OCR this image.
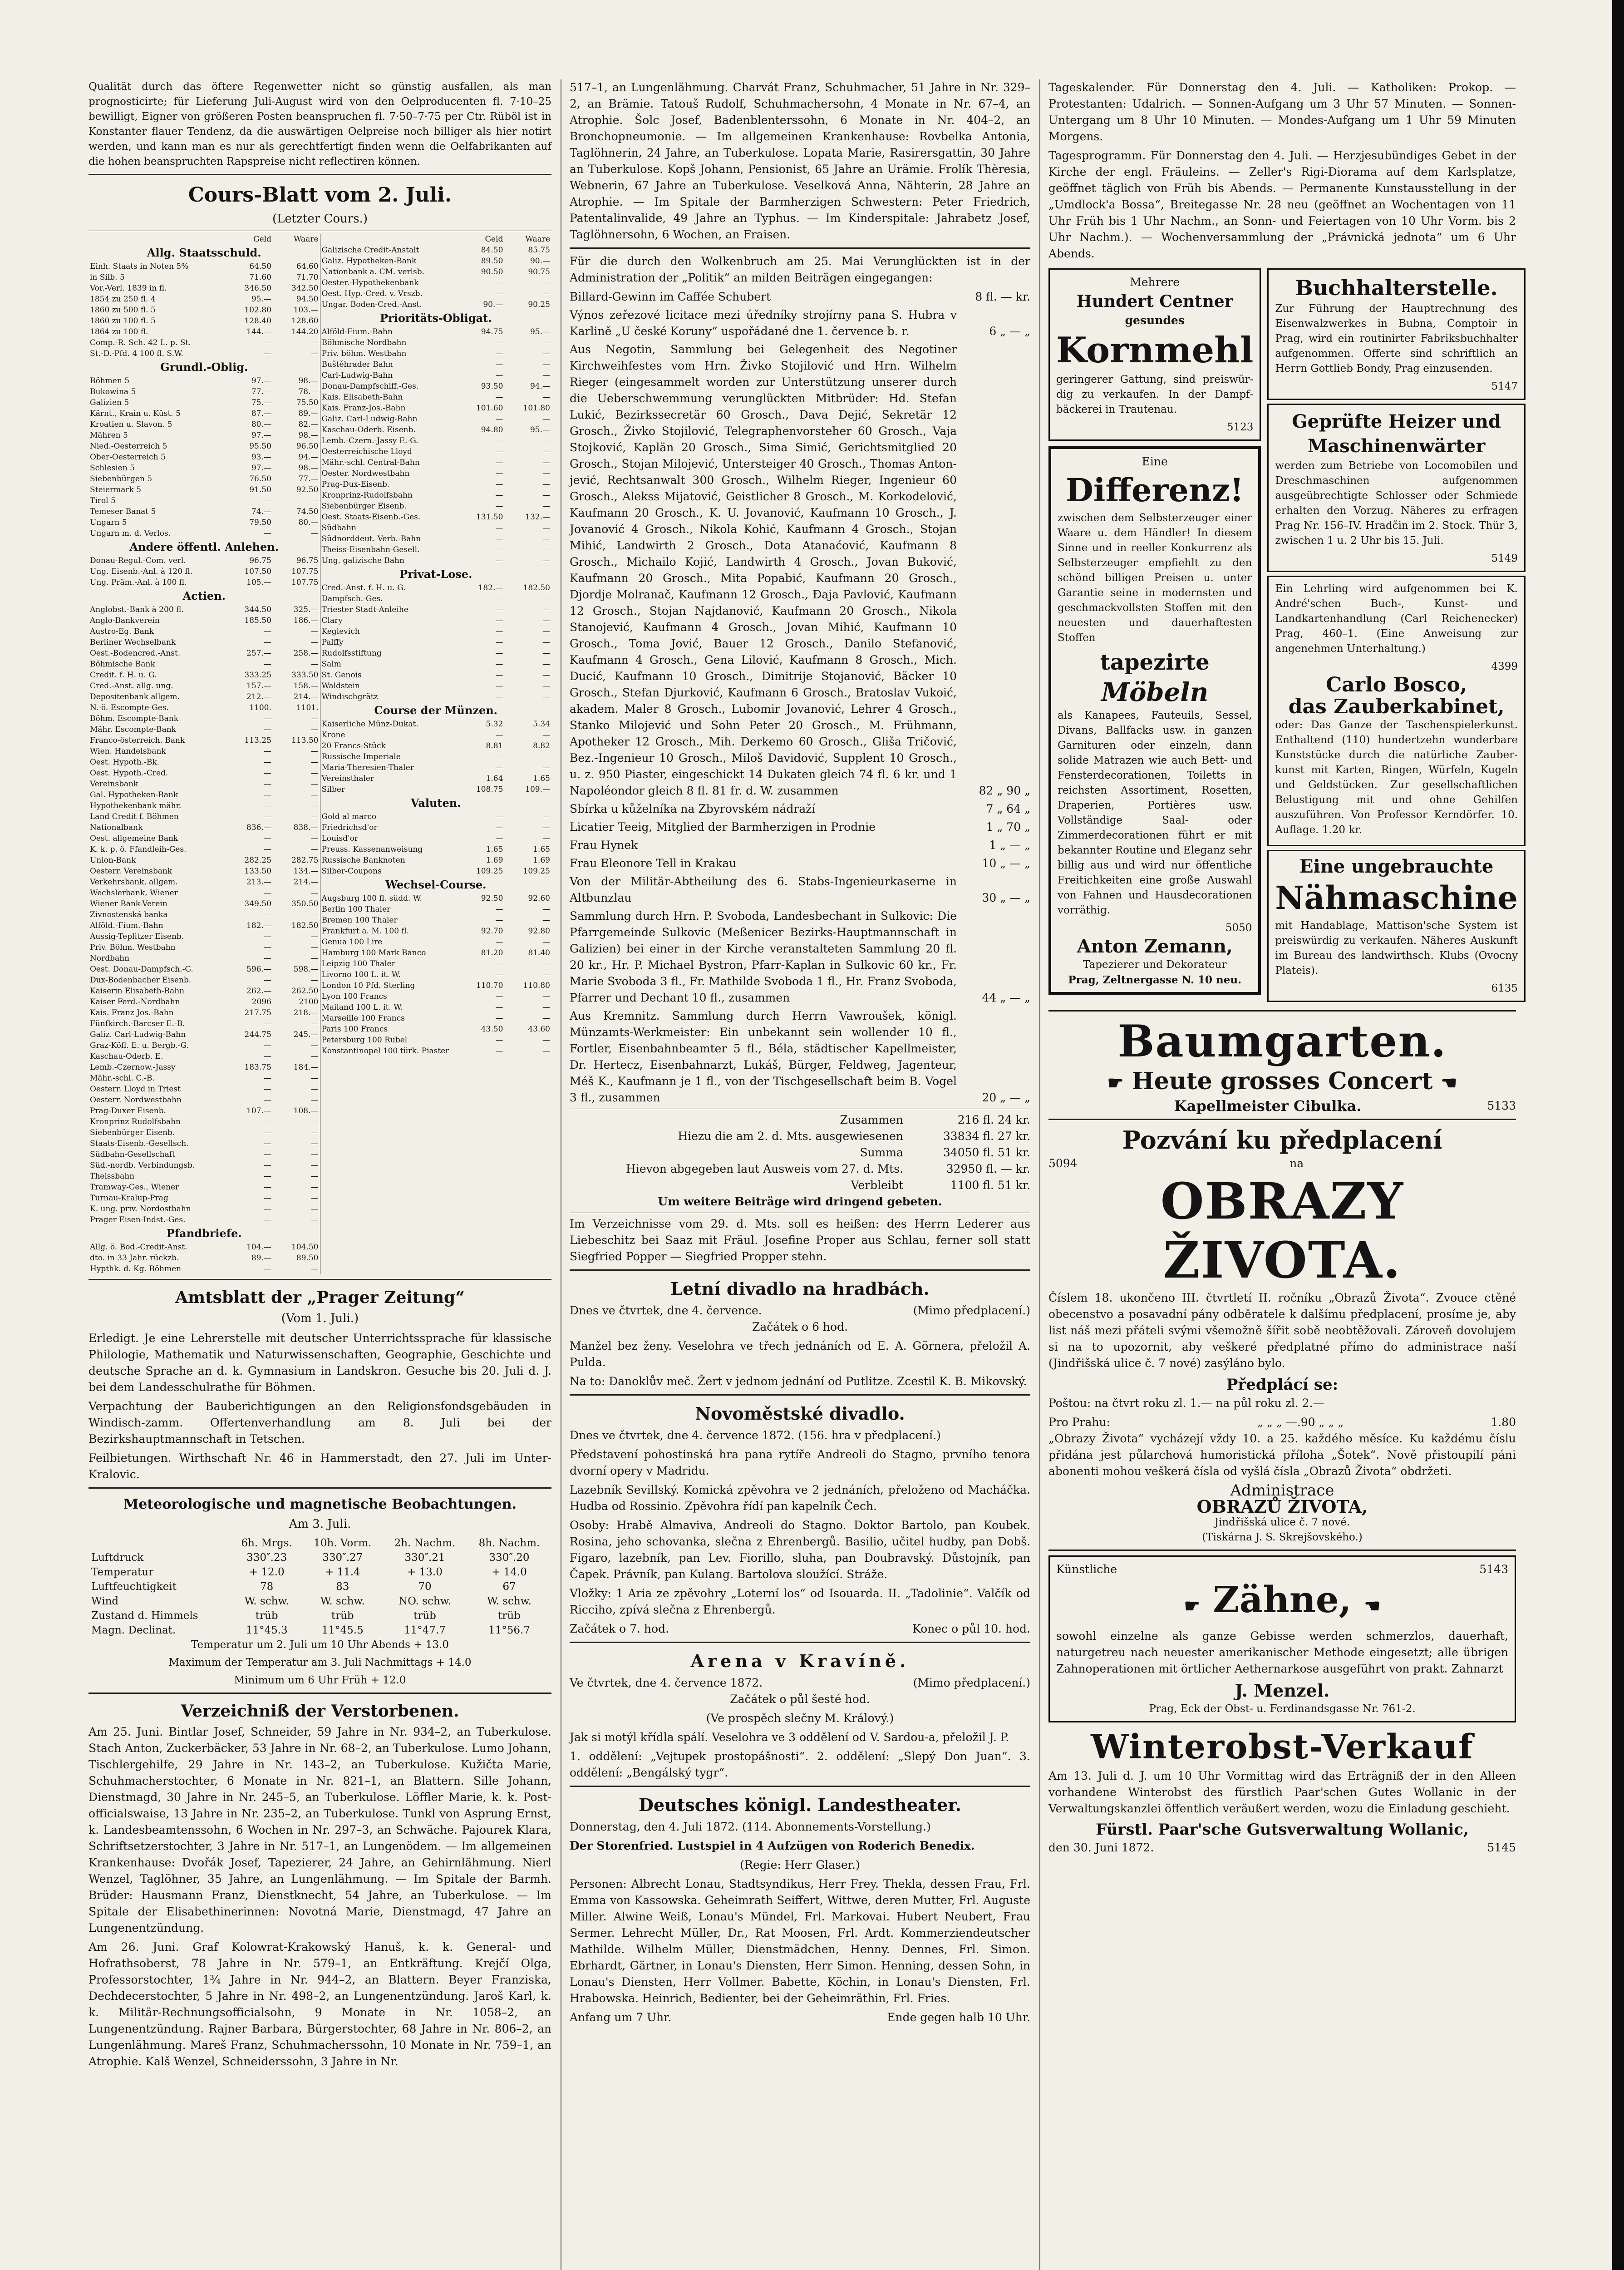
Qualität durch das öftere Regenwetter nicht so günstig ausfallen, als man prognosticirte; für Lieferung Juli-August wird von den Oelproducenten fl. 7·10–25 bewilligt, Eigner von größeren Posten beanspruchen fl. 7·50–7·75 per Ctr. Rüböl ist in Konstanter flauer Tendenz, da die auswärtigen Oelpreise noch billiger als hier notirt werden, und kann man es nur als gerechtfertigt finden wenn die Oelfabrikanten auf die hohen beanspruchten Rapspreise nicht reflectiren können.

Cours-Blatt vom 2. Juli.
(Letzter Cours.)
	Geld	Waare
Allg. Staatsschuld.		
Einh. Staats in Noten 5%	64.50	64.60
in Silb. 5	71.60	71.70
Vor.-Verl. 1839 in fl.	346.50	342.50
1854 zu 250 fl. 4	95.—	94.50
1860 zu 500 fl. 5	102.80	103.—
1860 zu 100 fl. 5	128.40	128.60
1864 zu 100 fl.	144.—	144.20
Comp.-R. Sch. 42 L. p. St.	—	—
St.-D.-Pfd. 4 100 fl. S.W.	—	—
Grundl.-Oblig.		
Böhmen 5	97.—	98.—
Bukowina 5	77.—	78.—
Galizien 5	75.—	75.50
Kärnt., Krain u. Küst. 5	87.—	89.—
Kroatien u. Slavon. 5	80.—	82.—
Mähren 5	97.—	98.—
Nied.-Oesterreich 5	95.50	96.50
Ober-Oesterreich 5	93.—	94.—
Schlesien 5	97.—	98.—
Siebenbürgen 5	76.50	77.—
Steiermark 5	91.50	92.50
Tirol 5	—	—
Temeser Banat 5	74.—	74.50
Ungarn 5	79.50	80.—
Ungarn m. d. Verlos.	—	—
Andere öffentl. Anlehen.		
Donau-Regul.-Com. verl.	96.75	96.75
Ung. Eisenb.-Anl. à 120 fl.	107.50	107.75
Ung. Präm.-Anl. à 100 fl.	105.—	107.75
Actien.		
Anglobst.-Bank à 200 fl.	344.50	325.—
Anglo-Bankverein	185.50	186.—
Austro-Eg. Bank	—	—
Berliner Wechselbank	—	—
Oest.-Bodencred.-Anst.	257.—	258.—
Böhmische Bank	—	—
Credit. f. H. u. G.	333.25	333.50
Cred.-Anst. allg. ung.	157.—	158.—
Depositenbank allgem.	212.—	214.—
N.-ö. Escompte-Ges.	1100.	1101.
Böhm. Escompte-Bank	—	—
Mähr. Escompte-Bank	—	—
Franco-österreich. Bank	113.25	113.50
Wien. Handelsbank	—	—
Oest. Hypoth.-Bk.	—	—
Oest. Hypoth.-Cred.	—	—
Vereinsbank	—	—
Gal. Hypotheken-Bank	—	—
Hypothekenbank mähr.	—	—
Land Credit f. Böhmen	—	—
Nationalbank	836.—	838.—
Oest. allgemeine Bank	—	—
K. k. p. ö. Ffandleih-Ges.	—	—
Union-Bank	282.25	282.75
Oesterr. Vereinsbank	133.50	134.—
Verkehrsbank, allgem.	213.—	214.—
Wechslerbank, Wiener	—	—
Wiener Bank-Verein	349.50	350.50
Zivnostenská banka	—	—
Alföld.-Fium.-Bahn	182.—	182.50
Aussig-Teplitzer Eisenb.	—	—
Priv. Böhm. Westbahn	—	—
Nordbahn	—	—
Oest. Donau-Dampfsch.-G.	596.—	598.—
Dux-Bodenbacher Eisenb.	—	—
Kaiserin Elisabeth-Bahn	262.—	262.50
Kaiser Ferd.-Nordbahn	2096	2100
Kais. Franz Jos.-Bahn	217.75	218.—
Fünfkirch.-Barcser E.-B.	—	—
Galiz. Carl-Ludwig-Bahn	244.75	245.—
Graz-Köfl. E. u. Bergb.-G.	—	—
Kaschau-Oderb. E.	—	—
Lemb.-Czernow.-Jassy	183.75	184.—
Mähr.-schl. C.-B.	—	—
Oesterr. Lloyd in Triest	—	—
Oesterr. Nordwestbahn	—	—
Prag-Duxer Eisenb.	107.—	108.—
Kronprinz Rudolfsbahn	—	—
Siebenbürger Eisenb.	—	—
Staats-Eisenb.-Gesellsch.	—	—
Südbahn-Gesellschaft	—	—
Süd.-nordb. Verbindungsb.	—	—
Theissbahn	—	—
Tramway-Ges., Wiener	—	—
Turnau-Kralup-Prag	—	—
K. ung. priv. Nordostbahn	—	—
Prager Eisen-Indst.-Ges.	—	—
Pfandbriefe.		
Allg. ö. Bod.-Credit-Anst.	104.—	104.50
dto. in 33 Jahr. rückzb.	89.—	89.50
Hypthk. d. Kg. Böhmen	—	—
	Geld	Waare
Galizische Credit-Anstalt	84.50	85.75
Galiz. Hypotheken-Bank	89.50	90.—
Nationbank a. CM. verlsb.	90.50	90.75
Oester.-Hypothekenbank	—	—
Oest. Hyp.-Cred. v. Vrszb.	—	—
Ungar. Boden-Cred.-Anst.	90.—	90.25
Prioritäts-Obligat.		
Alföld-Fium.-Bahn	94.75	95.—
Böhmische Nordbahn	—	—
Priv. böhm. Westbahn	—	—
Buštěhrader Bahn	—	—
Carl-Ludwig-Bahn	—	—
Donau-Dampfschiff.-Ges.	93.50	94.—
Kais. Elisabeth-Bahn	—	—
Kais. Franz-Jos.-Bahn	101.60	101.80
Galiz. Carl-Ludwig-Bahn	—	—
Kaschau-Oderb. Eisenb.	94.80	95.—
Lemb.-Czern.-Jassy E.-G.	—	—
Oesterreichische Lloyd	—	—
Mähr.-schl. Central-Bahn	—	—
Oester. Nordwestbahn	—	—
Prag-Dux-Eisenb.	—	—
Kronprinz-Rudolfsbahn	—	—
Siebenbürger Eisenb.	—	—
Oest. Staats-Eisenb.-Ges.	131.50	132.—
Südbahn	—	—
Südnorddeut. Verb.-Bahn	—	—
Theiss-Eisenbahn-Gesell.	—	—
Ung. galizische Bahn	—	—
Privat-Lose.		
Cred.-Anst. f. H. u. G.	182.—	182.50
Dampfsch.-Ges.	—	—
Triester Stadt-Anleihe	—	—
Clary	—	—
Keglevich	—	—
Palffy	—	—
Rudolfsstiftung	—	—
Salm	—	—
St. Genois	—	—
Waldstein	—	—
Windischgrätz	—	—
Course der Münzen.		
Kaiserliche Münz-Dukat.	5.32	5.34
Krone	—	—
20 Francs-Stück	8.81	8.82
Russische Imperiale	—	—
Maria-Theresien-Thaler	—	—
Vereinsthaler	1.64	1.65
Silber	108.75	109.—
Valuten.		
Gold al marco	—	—
Friedrichsd'or	—	—
Louisd'or	—	—
Preuss. Kassenanweisung	1.65	1.65
Russische Banknoten	1.69	1.69
Silber-Coupons	109.25	109.25
Wechsel-Course.		
Augsburg 100 fl. südd. W.	92.50	92.60
Berlin 100 Thaler	—	—
Bremen 100 Thaler	—	—
Frankfurt a. M. 100 fl.	92.70	92.80
Genua 100 Lire	—	—
Hamburg 100 Mark Banco	81.20	81.40
Leipzig 100 Thaler	—	—
Livorno 100 L. it. W.	—	—
London 10 Pfd. Sterling	110.70	110.80
Lyon 100 Francs	—	—
Mailand 100 L. it. W.	—	—
Marseille 100 Francs	—	—
Paris 100 Francs	43.50	43.60
Petersburg 100 Rubel	—	—
Konstantinopel 100 türk. Piaster	—	—
Amtsblatt der „Prager Zeitung“
(Vom 1. Juli.)

Erledigt. Je eine Lehrerstelle mit deutscher Unterrichtssprache für klassische Philologie, Mathematik und Naturwissenschaften, Geographie, Geschichte und deutsche Sprache an d. k. Gymnasium in Landskron. Gesuche bis 20. Juli d. J. bei dem Landesschulrathe für Böhmen.

Verpachtung der Bauberichtigungen an den Religionsfondsgebäuden in Windisch-zamm. Offertenverhandlung am 8. Juli bei der Bezirkshauptmannschaft in Tetschen.

Feilbietungen. Wirthschaft Nr. 46 in Hammerstadt, den 27. Juli im Unter-Kralovic.

Meteorologische und magnetische Beobachtungen.
Am 3. Juli.
	6h. Mrgs.	10h. Vorm.	2h. Nachm.	8h. Nachm.
Luftdruck	330″.23	330″.27	330″.21	330″.20
Temperatur	+ 12.0	+ 11.4	+ 13.0	+ 14.0
Luftfeuchtigkeit	78	83	70	67
Wind	W. schw.	W. schw.	NO. schw.	W. schw.
Zustand d. Himmels	trüb	trüb	trüb	trüb
Magn. Declinat.	11°45.3	11°45.5	11°47.7	11°56.7

Temperatur um 2. Juli um 10 Uhr Abends + 13.0

Maximum der Temperatur am 3. Juli Nachmittags + 14.0

Minimum um 6 Uhr Früh + 12.0

Verzeichniß der Verstorbenen.

Am 25. Juni. Bintlar Josef, Schneider, 59 Jahre in Nr. 934–2, an Tuberkulose. Stach Anton, Zuckerbäcker, 53 Jahre in Nr. 68–2, an Tuberkulose. Lumo Johann, Tischlergehilfe, 29 Jahre in Nr. 143–2, an Tuberkulose. Kužičta Marie, Schuhmacherstochter, 6 Monate in Nr. 821–1, an Blattern. Sille Johann, Dienstmagd, 30 Jahre in Nr. 245–5, an Tuberkulose. Löffler Marie, k. k. Postofficialswaise, 13 Jahre in Nr. 235–2, an Tuberkulose. Tunkl von Asprung Ernst, k. Landesbeamtenssohn, 6 Wochen in Nr. 297–3, an Schwäche. Pajourek Klara, Schriftsetzerstochter, 3 Jahre in Nr. 517–1, an Lungenödem. — Im allgemeinen Krankenhause: Dvořák Josef, Tapezierer, 24 Jahre, an Gehirnlähmung. Nierl Wenzel, Taglöhner, 35 Jahre, an Lungenlähmung. — Im Spitale der Barmh. Brüder: Hausmann Franz, Dienstknecht, 54 Jahre, an Tuberkulose. — Im Spitale der Elisabethinerinnen: Novotná Marie, Dienstmagd, 47 Jahre an Lungenentzündung.

Am 26. Juni. Graf Kolowrat-Krakowský Hanuš, k. k. General- und Hofrathsoberst, 78 Jahre in Nr. 579–1, an Entkräftung. Krejčí Olga, Professorstochter, 1¾ Jahre in Nr. 944–2, an Blattern. Beyer Franziska, Dechdecerstochter, 5 Jahre in Nr. 498–2, an Lungenentzündung. Jaroš Karl, k. k. Militär-Rechnungsofficialsohn, 9 Monate in Nr. 1058–2, an Lungenentzündung. Rajner Barbara, Bürgerstochter, 68 Jahre in Nr. 806–2, an Lungenlähmung. Mareš Franz, Schuhmacherssohn, 10 Monate in Nr. 759–1, an Atrophie. Kalš Wenzel, Schneiderssohn, 3 Jahre in Nr.

517–1, an Lungenlähmung. Charvát Franz, Schuhmacher, 51 Jahre in Nr. 329–2, an Brämie. Tatouš Rudolf, Schuhmachersohn, 4 Monate in Nr. 67–4, an Atrophie. Šolc Josef, Badenblenterssohn, 6 Monate in Nr. 404–2, an Bronchopneumonie. — Im allgemeinen Krankenhause: Rovbelka Antonia, Taglöhnerin, 24 Jahre, an Tuberkulose. Lopata Marie, Rasirersgattin, 30 Jahre an Tuberkulose. Kopš Johann, Pensionist, 65 Jahre an Urämie. Frolík Thèresia, Webnerin, 67 Jahre an Tuberkulose. Veselková Anna, Nähterin, 28 Jahre an Atrophie. — Im Spitale der Barmherzigen Schwestern: Peter Friedrich, Patentalinvalide, 49 Jahre an Typhus. — Im Kinderspitale: Jahrabetz Josef, Taglöhnersohn, 6 Wochen, an Fraisen.

Für die durch den Wolkenbruch am 25. Mai Verunglückten ist in der Administration der „Politik“ an milden Beiträgen eingegangen:

Billard-Gewinn im Caffée Schubert	8 fl. — kr.

Výnos zeřezové licitace mezi úředníky strojírny pana S. Hubra v Karlině „U české Koruny“ uspořádané dne 1. července b. r.	6 „ — „

Aus Negotin, Sammlung bei Gelegenheit des Negotiner Kirchweihfestes vom Hrn. Živko Stojilović und Hrn. Wilhelm Rieger (eingesammelt worden zur Unterstützung unserer durch die Ueberschwemmung verunglückten Mitbrüder: Hd. Stefan Lukić, Bezirkssecretär 60 Grosch., Dava Dejić, Sekretär 12 Grosch., Živko Stojilović, Telegraphenvorsteher 60 Grosch., Vaja Stojković, Kaplän 20 Grosch., Sima Simić, Gerichtsmitglied 20 Grosch., Stojan Milojević, Untersteiger 40 Grosch., Thomas Antonjević, Rechtsanwalt 300 Grosch., Wilhelm Rieger, Ingenieur 60 Grosch., Alekss Mijatović, Geistlicher 8 Grosch., M. Korkodelović, Kaufmann 20 Grosch., K. U. Jovanović, Kaufmann 10 Grosch., J. Jovanović 4 Grosch., Nikola Kohić, Kaufmann 4 Grosch., Stojan Mihić, Landwirth 2 Grosch., Dota Atanaćović, Kaufmann 8 Grosch., Michailo Kojić, Landwirth 4 Grosch., Jovan Buković, Kaufmann 20 Grosch., Mita Popabić, Kaufmann 20 Grosch., Djordje Molranač, Kaufmann 12 Grosch., Đaja Pavlović, Kaufmann 12 Grosch., Stojan Najdanović, Kaufmann 20 Grosch., Nikola Stanojević, Kaufmann 4 Grosch., Jovan Mihić, Kaufmann 10 Grosch., Toma Jović, Bauer 12 Grosch., Danilo Stefanović, Kaufmann 4 Grosch., Gena Lilović, Kaufmann 8 Grosch., Mich. Ducić, Kaufmann 10 Grosch., Dimitrije Stojanović, Bäcker 10 Grosch., Stefan Djurković, Kaufmann 6 Grosch., Bratoslav Vukoić, akadem. Maler 8 Grosch., Lubomir Jovanović, Lehrer 4 Grosch., Stanko Milojević und Sohn Peter 20 Grosch., M. Frühmann, Apotheker 12 Grosch., Mih. Derkemo 60 Grosch., Gliša Tričović, Bez.-Ingenieur 10 Grosch., Miloš Davidović, Supplent 10 Grosch., u. z. 950 Piaster, eingeschickt 14 Dukaten gleich 74 fl. 6 kr. und 1 Napoléondor gleich 8 fl. 81 fr. d. W. zusammen	82 „ 90 „

Sbírka u kůželníka na Zbyrovském nádraží	7 „ 64 „

Licatier Teeig, Mitglied der Barmherzigen in Prodnie	1 „ 70 „

Frau Hynek	1 „ — „

Frau Eleonore Tell in Krakau	10 „ — „

Von der Militär-Abtheilung des 6. Stabs-Ingenieurkaserne in Altbunzlau	30 „ — „

Sammlung durch Hrn. P. Svoboda, Landesbechant in Sulkovic: Die Pfarrgemeinde Sulkovic (Meßenicer Bezirks-Hauptmannschaft in Galizien) bei einer in der Kirche veranstalteten Sammlung 20 fl. 20 kr., Hr. P. Michael Bystron, Pfarr-Kaplan in Sulkovic 60 kr., Fr. Marie Svoboda 3 fl., Fr. Mathilde Svoboda 1 fl., Hr. Franz Svoboda, Pfarrer und Dechant 10 fl., zusammen	44 „ — „

Aus Kremnitz. Sammlung durch Herrn Vawroušek, königl. Münzamts-Werkmeister: Ein unbekannt sein wollender 10 fl., Fortler, Eisenbahnbeamter 5 fl., Béla, städtischer Kapellmeister, Dr. Hertecz, Eisenbahnarzt, Lukáš, Bürger, Feldweg, Jagenteur, Méš K., Kaufmann je 1 fl., von der Tischgesellschaft beim B. Vogel 3 fl., zusammen	20 „ — „
Zusammen	216 fl. 24 kr.
Hiezu die am 2. d. Mts. ausgewiesenen	33834 fl. 27 kr.
Summa	34050 fl. 51 kr.
Hievon abgegeben laut Ausweis vom 27. d. Mts.	32950 fl. — kr.
Verbleibt	1100 fl. 51 kr.

Um weitere Beiträge wird dringend gebeten.

Im Verzeichnisse vom 29. d. Mts. soll es heißen: des Herrn Lederer aus Liebeschitz bei Saaz mit Fräul. Josefine Proper aus Schlau, ferner soll statt Siegfried Popper — Siegfried Propper stehn.

Letní divadlo na hradbách.
Dnes ve čtvrtek, dne 4. července.	(Mimo předplacení.)

Začátek o 6 hod.

Manžel bez ženy. Veselohra ve třech jednáních od E. A. Görnera, přeložil A. Pulda.

Na to: Danoklův meč. Žert v jednom jednání od Putlitze. Zcestil K. B. Mikovský.

Novoměstské divadlo.

Dnes ve čtvrtek, dne 4. července 1872. (156. hra v předplacení.)

Představení pohostinská hra pana rytíře Andreoli do Stagno, prvního tenora dvorní opery v Madridu.

Lazebník Sevillský. Komická zpěvohra ve 2 jednáních, přeloženo od Macháčka. Hudba od Rossinio. Zpěvohra řídí pan kapelník Čech.

Osoby: Hrabě Almaviva, Andreoli do Stagno. Doktor Bartolo, pan Koubek. Rosina, jeho schovanka, slečna z Ehrenbergů. Basilio, učitel hudby, pan Dobš. Figaro, lazebník, pan Lev. Fiorillo, sluha, pan Doubravský. Důstojník, pan Čapek. Právník, pan Kulang. Bartolova sloužící. Stráže.

Vložky: 1 Aria ze zpěvohry „Loterní los“ od Isouarda. II. „Tadolinie“. Valčík od Ricciho, zpívá slečna z Ehrenbergů.

Začátek o 7. hod.	Konec o půl 10. hod.
Arena v Kravíně.
Ve čtvrtek, dne 4. července 1872.	(Mimo předplacení.)

Začátek o půl šesté hod.

(Ve prospěch slečny M. Králový.)

Jak si motýl křídla spálí. Veselohra ve 3 oddělení od V. Sardou-a, přeložil J. P.

1. oddělení: „Vejtupek prostopášnosti“. 2. oddělení: „Slepý Don Juan“. 3. oddělení: „Bengálský tygr“.

Deutsches königl. Landestheater.

Donnerstag, den 4. Juli 1872. (114. Abonnements-Vorstellung.)

Der Storenfried. Lustspiel in 4 Aufzügen von Roderich Benedix.

(Regie: Herr Glaser.)

Personen: Albrecht Lonau, Stadtsyndikus, Herr Frey. Thekla, dessen Frau, Frl. Emma von Kassowska. Geheimrath Seiffert, Wittwe, deren Mutter, Frl. Auguste Miller. Alwine Weiß, Lonau's Mündel, Frl. Markovai. Hubert Neubert, Frau Sermer. Lehrecht Müller, Dr., Rat Moosen, Frl. Ardt. Kommerziendeutscher Mathilde. Wilhelm Müller, Dienstmädchen, Henny. Dennes, Frl. Simon. Ebrhardt, Gärtner, in Lonau's Diensten, Herr Simon. Henning, dessen Sohn, in Lonau's Diensten, Herr Vollmer. Babette, Köchin, in Lonau's Diensten, Frl. Hrabowska. Heinrich, Bedienter, bei der Geheimräthin, Frl. Fries.

Anfang um 7 Uhr.	Ende gegen halb 10 Uhr.

Tageskalender. Für Donnerstag den 4. Juli. — Katholiken: Prokop. — Protestanten: Udalrich. — Sonnen-Aufgang um 3 Uhr 57 Minuten. — Sonnen-Untergang um 8 Uhr 10 Minuten. — Mondes-Aufgang um 1 Uhr 59 Minuten Morgens.

Tagesprogramm. Für Donnerstag den 4. Juli. — Herzjesubündiges Gebet in der Kirche der engl. Fräuleins. — Zeller's Rigi-Diorama auf dem Karlsplatze, geöffnet täglich von Früh bis Abends. — Permanente Kunstausstellung in der „Umdlock'a Bossa“, Breitegasse Nr. 28 neu (geöffnet an Wochentagen von 11 Uhr Früh bis 1 Uhr Nachm., an Sonn- und Feiertagen von 10 Uhr Vorm. bis 2 Uhr Nachm.). — Wochenversammlung der „Právnická jednota“ um 6 Uhr Abends.

Mehrere
Hundert Centner
gesundes
Kornmehl

geringerer Gattung, sind preiswürdig zu verkaufen. In der Dampfbäckerei in Trautenau.

5123
Eine
Differenz!

zwischen dem Selbsterzeuger einer Waare u. dem Händler! In diesem Sinne und in reeller Konkurrenz als Selbsterzeuger empfiehlt zu den schönd billigen Preisen u. unter Garantie seine in modernsten und geschmackvollsten Stoffen mit den neuesten und dauerhaftesten Stoffen

tapezirte
Möbeln

als Kanapees, Fauteuils, Sessel, Divans, Ballfacks usw. in ganzen Garnituren oder einzeln, dann solide Matrazen wie auch Bett- und Fensterdecorationen, Toiletts in reichsten Assortiment, Rosetten, Draperien, Portières usw. Vollständige Saal- oder Zimmerdecorationen führt er mit bekannter Routine und Eleganz sehr billig aus und wird nur öffentliche Freitichkeiten eine große Auswahl von Fahnen und Hausdecorationen vorräthig.

5050
Anton Zemann,
Tapezierer und Dekorateur
Prag, Zeltnergasse N. 10 neu.
Buchhalterstelle.

Zur Führung der Hauptrechnung des Eisenwalzwerkes in Bubna, Comptoir in Prag, wird ein routinirter Fabriksbuchhalter aufgenommen. Offerte sind schriftlich an Herrn Gottlieb Bondy, Prag einzusenden.

5147
Geprüfte Heizer und Maschinenwärter

werden zum Betriebe von Locomobilen und Dreschmaschinen aufgenommen ausgeübrechtigte Schlosser oder Schmiede erhalten den Vorzug. Näheres zu erfragen Prag Nr. 156–IV. Hradčin im 2. Stock. Thür 3, zwischen 1 u. 2 Uhr bis 15. Juli.

5149

Ein Lehrling wird aufgenommen bei K. André'schen Buch-, Kunst- und Landkartenhandlung (Carl Reichenecker) Prag, 460–1. (Eine Anweisung zur angenehmen Unterhaltung.)

4399
Carlo Bosco,
das Zauberkabinet,

oder: Das Ganze der Taschenspielerkunst. Enthaltend (110) hundertzehn wunderbare Kunststücke durch die natürliche Zauberkunst mit Karten, Ringen, Würfeln, Kugeln und Geldstücken. Zur gesellschaftlichen Belustigung mit und ohne Gehilfen auszuführen. Von Professor Kerndörfer. 10. Auflage. 1.20 kr.

Eine ungebrauchte
Nähmaschine

mit Handablage, Mattison'sche System ist preiswürdig zu verkaufen. Näheres Auskunft im Bureau des landwirthsch. Klubs (Ovocny Plateis).

6135
Baumgarten.
☛ Heute grosses Concert ☚
Kapellmeister Cibulka.	5133
Pozvání ku předplacení
5094	na
OBRAZY ŽIVOTA.

Číslem 18. ukončeno III. čtvrtletí II. ročníku „Obrazů Života“. Zvouce ctěné obecenstvo a posavadní pány odběratele k dalšímu předplacení, prosíme je, aby list náš mezi přáteli svými všemožně šířit sobě neobtěžovali. Zároveň dovolujem si na to upozornit, aby veškeré předplatné přímo do administrace naší (Jindřišská ulice č. 7 nové) zasýláno bylo.

Předplácí se:

Poštou: na čtvrt roku zl. 1.— na půl roku zl. 2.—

Pro Prahu:	„ „ „ —.90 „ „ „	1.80

„Obrazy Života“ vycházejí vždy 10. a 25. každého měsíce. Ku každému číslu přidána jest půlarchová humoristická příloha „Šotek“. Nově přistoupilí páni abonenti mohou veškerá čísla od vyšlá čísla „Obrazů Života“ obdržeti.

Administrace
OBRAZŮ ŽIVOTA,
Jindřišská ulice č. 7 nové.
(Tiskárna J. S. Skrejšovského.)
Künstliche	5143
☛ Zähne, ☚

sowohl einzelne als ganze Gebisse werden schmerzlos, dauerhaft, naturgetreu nach neuester amerikanischer Methode eingesetzt; alle übrigen Zahnoperationen mit örtlicher Aethernarkose ausgeführt von prakt. Zahnarzt

J. Menzel.
Prag, Eck der Obst- u. Ferdinandsgasse Nr. 761-2.
Winterobst-Verkauf

Am 13. Juli d. J. um 10 Uhr Vormittag wird das Erträgniß der in den Alleen vorhandene Winterobst des fürstlich Paar'schen Gutes Wollanic in der Verwaltungskanzlei öffentlich veräußert werden, wozu die Einladung geschieht.

Fürstl. Paar'sche Gutsverwaltung Wollanic,
den 30. Juni 1872.	5145
